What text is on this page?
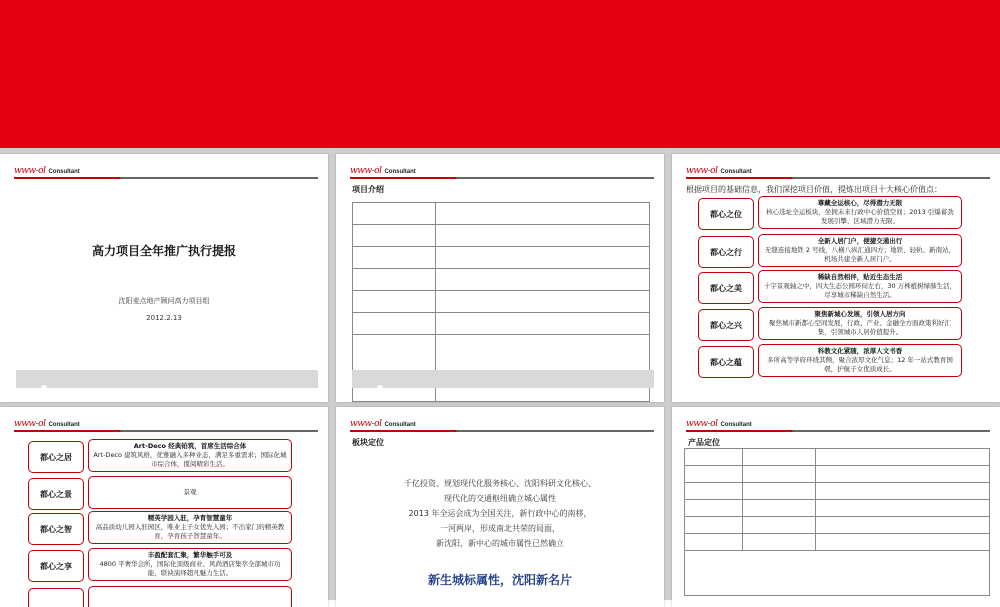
www-ol Consultant
高力项目全年推广执行提报
沈阳麦点地产顾问高力项目组
2012.2.13
www-ol Consultant
项目介绍

www-ol Consultant
根据项目的基础信息，我们深挖项目价值，提炼出项目十大核心价值点：
都心之位
尊藏全运核心，尽得潜力无限
核心选址全运板块，坐拥未来行政中心价值空间；2013 引爆蓄劲发展引擎，区域潜力无限。
都心之行
全新人居门户，便捷交通出行
无缝连接地铁 2 号线，八横八纵汇通四方；地铁、轻轨、新南站，机场共建全新人居门户。
都心之美
稀缺自然相伴，贴近生态生活
十字景观轴之中，四大生态公园环伺左右，30 万株植树绿肺生活，尽享城市稀缺自然生活。
都心之兴
聚焦新城心发展，引领人居方向
聚焦城市新都心空间发展，行政、产业、金融全方面政策利好汇集，引领城市人居价值提升。
都心之蕴
科教文化紧随，浓厚人文书香
多所高等学府环绕其侧，聚合浓厚文化气息；12 年一站式教育国毂，护航子女优质成长。
www-ol Consultant
都心之居
Art-Deco 经典铂筑，首席生活综合体
Art-Deco 建筑风格，优雅融入多种业态，满足多重需求；国际化城市综合体，揽阅精彩生活。
都心之景	景观
都心之智
精英学园入驻，孕育智慧童年
高品质幼儿园入驻园区，唯业主子女优先入园；不出家门的精英教育，孕育孩子智慧童年。
都心之享
丰盈配套汇集，繁华触手可及
4800 平奢华会所，国际化顶级商业、风尚酒店集萃全部城市功能，联袂演绎超凡魅力生活。
www-ol Consultant
板块定位
千亿投资、规划现代化服务核心、沈阳科研文化核心、
现代化的交通枢纽确立城心属性
2013 年全运会成为全国关注，新行政中心的南移，
一河两岸，形成南北共荣的局面，
新沈阳，新中心的城市属性已然确立
新生城标属性，沈阳新名片
www-ol Consultant
产品定位
